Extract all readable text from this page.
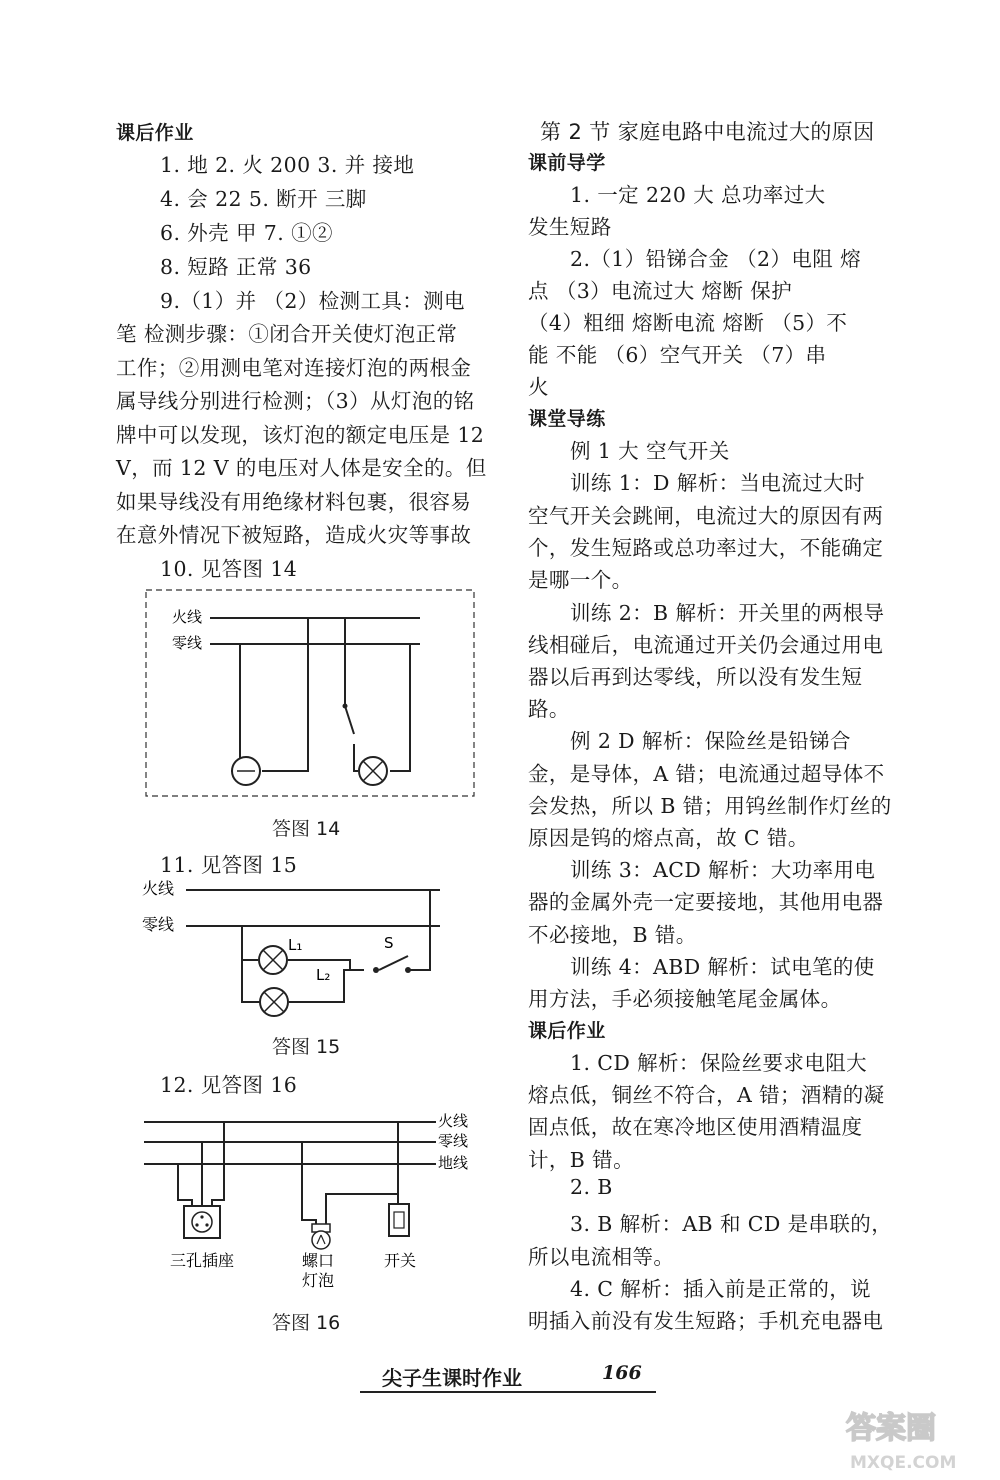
课后作业
1. 地 2. 火 200 3. 并 接地
4. 会 22 5. 断开 三脚
6. 外壳 甲 7. ①②
8. 短路 正常 36
9.（1）并 （2）检测工具：测电
笔 检测步骤：①闭合开关使灯泡正常
工作；②用测电笔对连接灯泡的两根金
属导线分别进行检测；（3）从灯泡的铭
牌中可以发现，该灯泡的额定电压是 12
V，而 12 V 的电压对人体是安全的。但
如果导线没有用绝缘材料包裹，很容易
在意外情况下被短路，造成火灾等事故
10. 见答图 14
火线
零线
答图 14
11. 见答图 15
火线
零线
L₁
L₂
S
答图 15
12. 见答图 16
火线
零线
地线
三孔插座	螺口
灯泡
开关
答图 16
第 2 节 家庭电路中电流过大的原因
课前导学
1. 一定 220 大 总功率过大
发生短路
2.（1）铅锑合金 （2）电阻 熔
点 （3）电流过大 熔断 保护
（4）粗细 熔断电流 熔断 （5）不
能 不能 （6）空气开关 （7）串
火
课堂导练
例 1 大 空气开关
训练 1：D 解析：当电流过大时
空气开关会跳闸，电流过大的原因有两
个，发生短路或总功率过大，不能确定
是哪一个。
训练 2：B 解析：开关里的两根导
线相碰后，电流通过开关仍会通过用电
器以后再到达零线，所以没有发生短
路。
例 2 D 解析：保险丝是铅锑合
金，是导体，A 错；电流通过超导体不
会发热，所以 B 错；用钨丝制作灯丝的
原因是钨的熔点高，故 C 错。
训练 3：ACD 解析：大功率用电
器的金属外壳一定要接地，其他用电器
不必接地，B 错。
训练 4：ABD 解析：试电笔的使
用方法，手必须接触笔尾金属体。
课后作业
1. CD 解析：保险丝要求电阻大
熔点低，铜丝不符合，A 错；酒精的凝
固点低，故在寒冷地区使用酒精温度
计，B 错。
2. B
3. B 解析：AB 和 CD 是串联的，
所以电流相等。
4. C 解析：插入前是正常的，说
明插入前没有发生短路；手机充电器电
尖子生课时作业	166
答案圈
MXQE.COM
